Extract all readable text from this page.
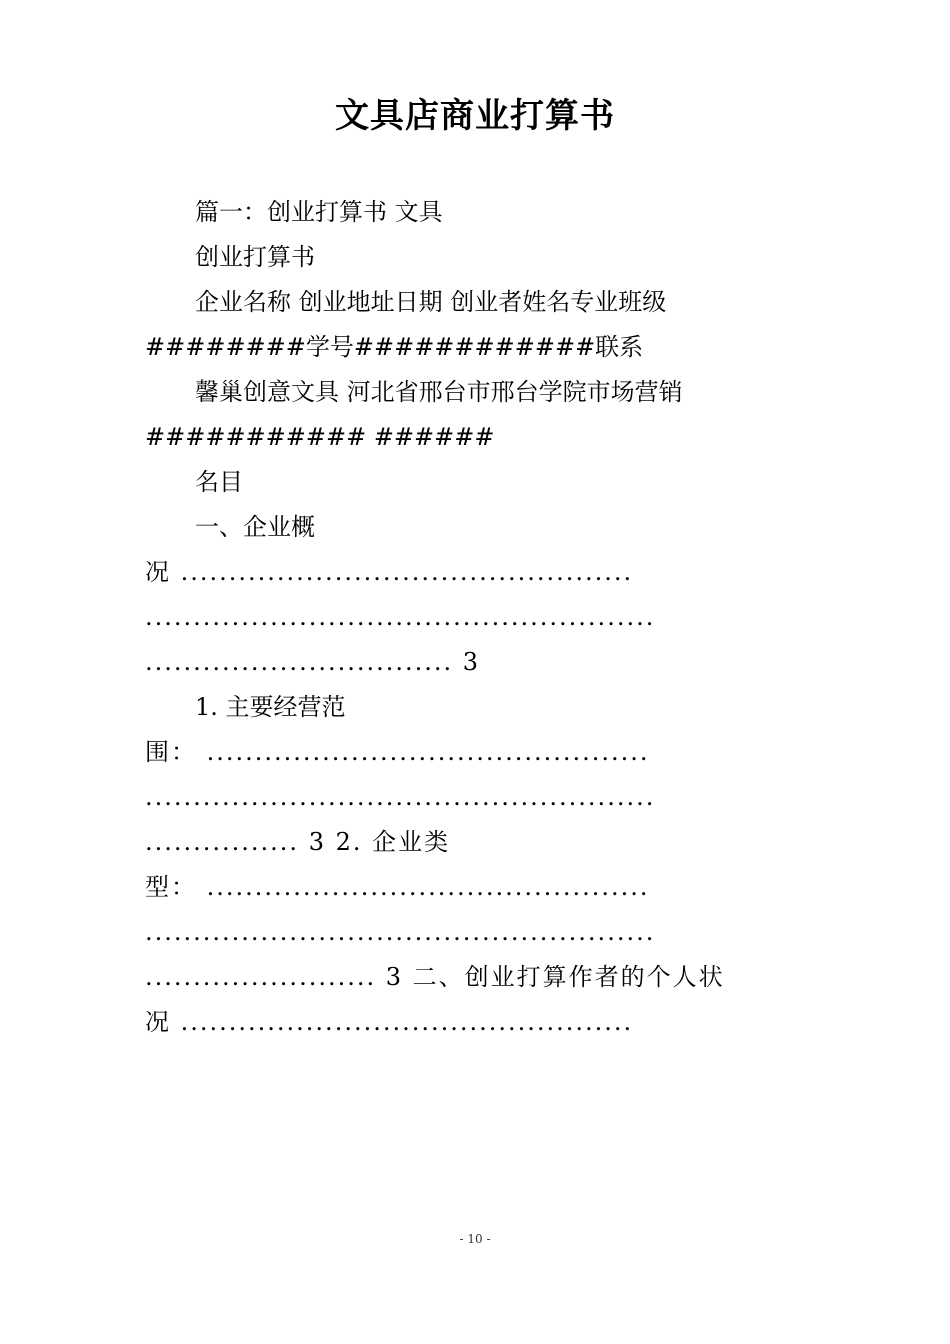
文具店商业打算书
篇一：创业打算书 文具
创业打算书
企业名称 创业地址日期 创业者姓名专业班级
########学号############联系
馨巢创意文具 河北省邢台市邢台学院市场营销
########### ######
名目
一、企业概
况 ...............................................
.....................................................
................................ 3
1. 主要经营范
围： ..............................................
.....................................................
................ 3 2. 企业类
型： ..............................................
.....................................................
........................ 3 二、创业打算作者的个人状
况 ...............................................
- 10 -
